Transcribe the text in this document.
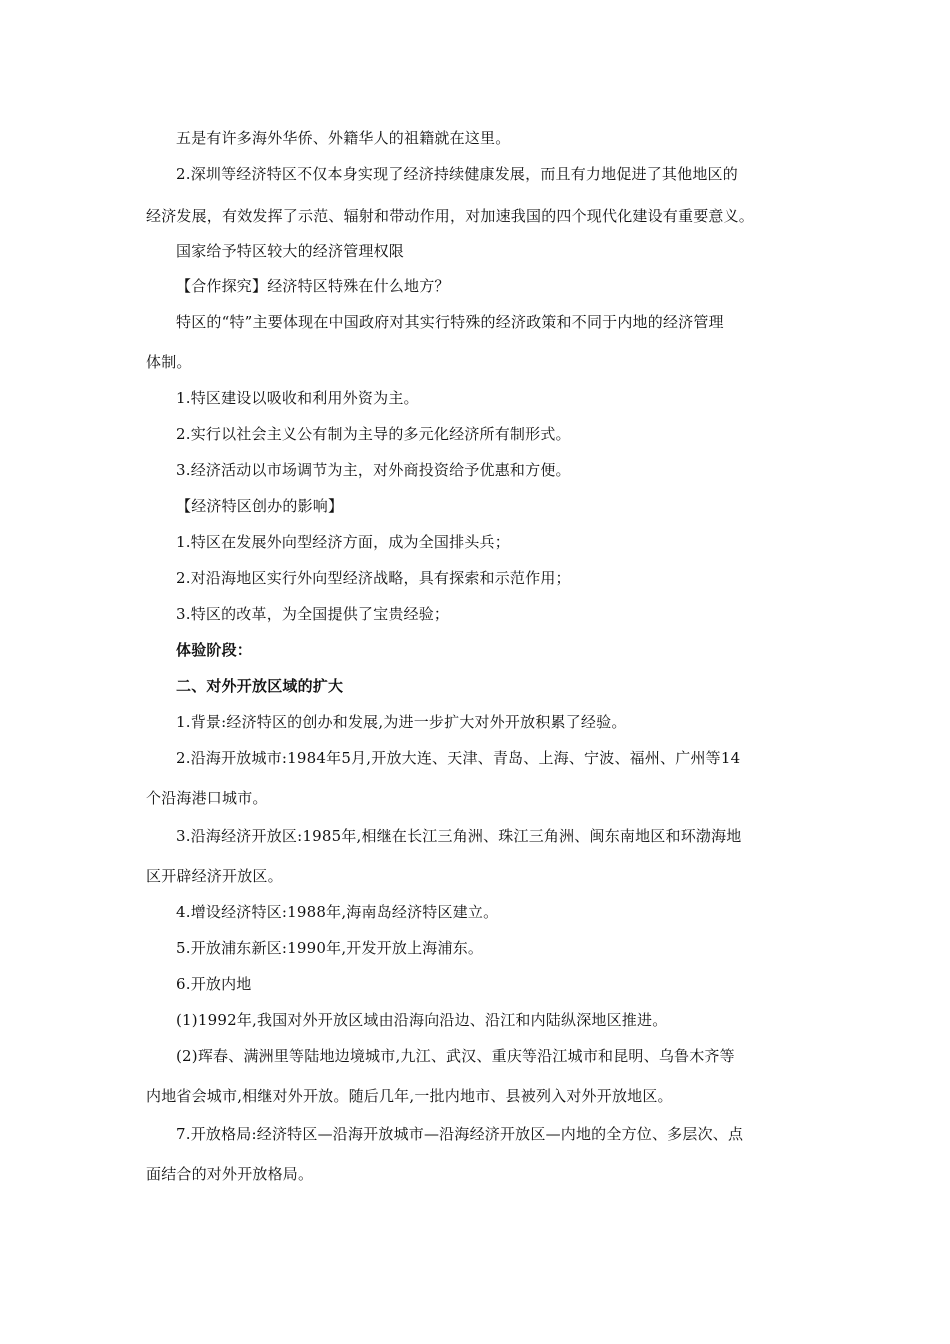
五是有许多海外华侨、外籍华人的祖籍就在这里。

2.深圳等经济特区不仅本身实现了经济持续健康发展，而且有力地促进了其他地区的

经济发展，有效发挥了示范、辐射和带动作用，对加速我国的四个现代化建设有重要意义。

国家给予特区较大的经济管理权限

【合作探究】经济特区特殊在什么地方？

特区的“特”主要体现在中国政府对其实行特殊的经济政策和不同于内地的经济管理

体制。

1.特区建设以吸收和利用外资为主。

2.实行以社会主义公有制为主导的多元化经济所有制形式。

3.经济活动以市场调节为主，对外商投资给予优惠和方便。

【经济特区创办的影响】

1.特区在发展外向型经济方面，成为全国排头兵；

2.对沿海地区实行外向型经济战略，具有探索和示范作用；

3.特区的改革，为全国提供了宝贵经验；

体验阶段：

二、对外开放区域的扩大

1.背景:经济特区的创办和发展,为进一步扩大对外开放积累了经验。

2.沿海开放城市:1984年5月,开放大连、天津、青岛、上海、宁波、福州、广州等14

个沿海港口城市。

3.沿海经济开放区:1985年,相继在长江三角洲、珠江三角洲、闽东南地区和环渤海地

区开辟经济开放区。

4.增设经济特区:1988年,海南岛经济特区建立。

5.开放浦东新区:1990年,开发开放上海浦东。

6.开放内地

(1)1992年,我国对外开放区域由沿海向沿边、沿江和内陆纵深地区推进。

(2)珲春、满洲里等陆地边境城市,九江、武汉、重庆等沿江城市和昆明、乌鲁木齐等

内地省会城市,相继对外开放。随后几年,一批内地市、县被列入对外开放地区。

7.开放格局:经济特区—沿海开放城市—沿海经济开放区—内地的全方位、多层次、点

面结合的对外开放格局。
